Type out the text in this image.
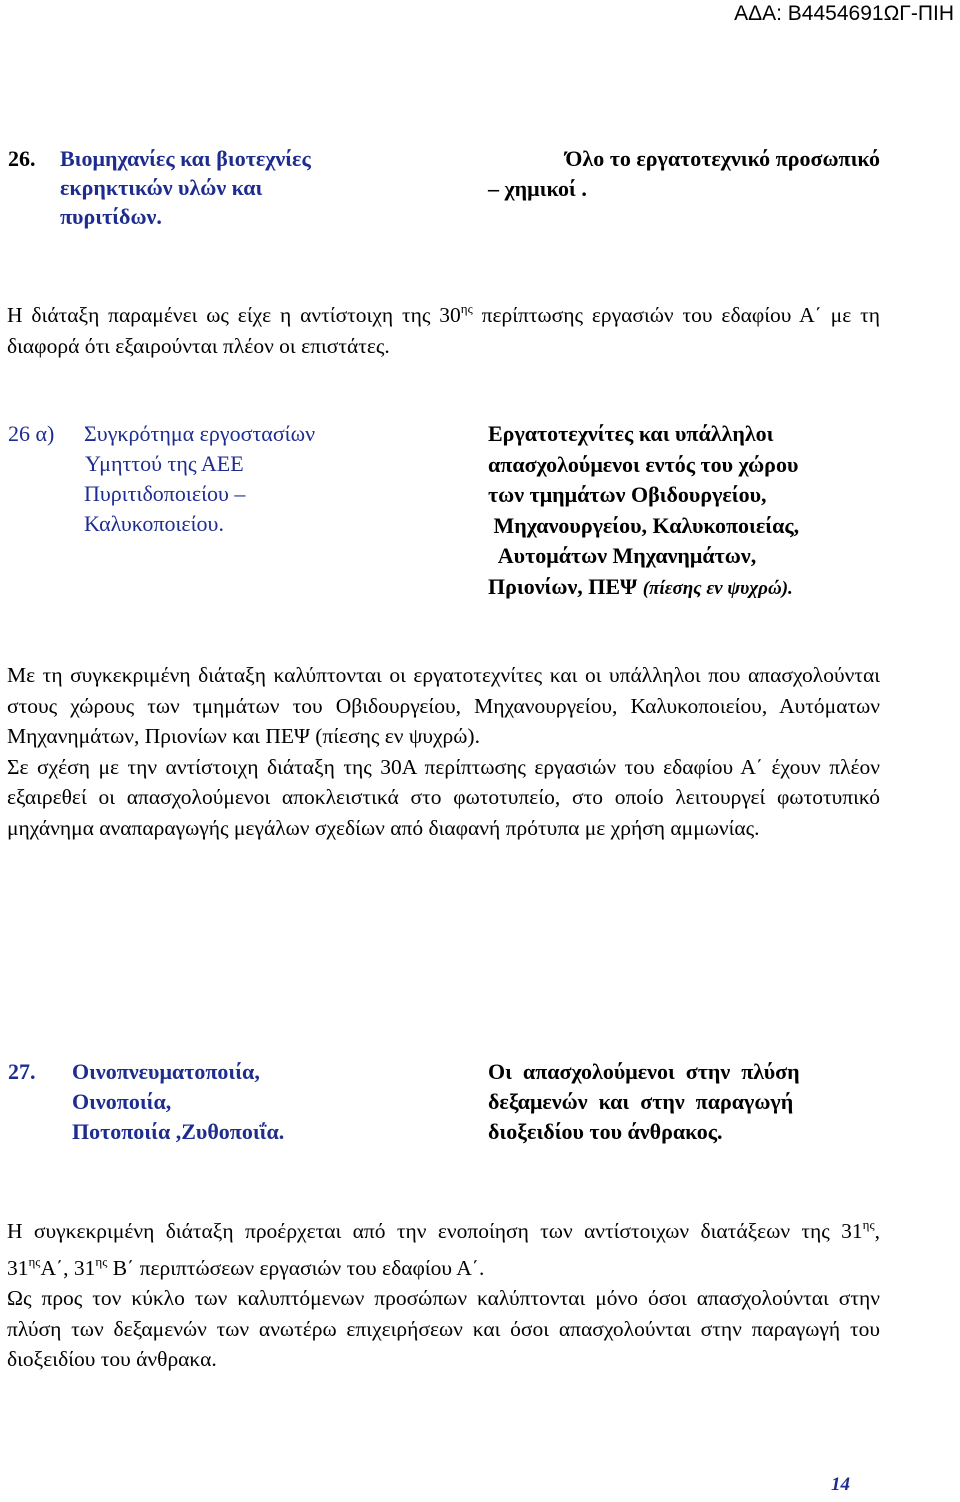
ΑΔΑ: Β4454691ΩΓ-ΠΙΗ
26. Βιομηχανίες και βιοτεχνίες
εκρηκτικών υλών και
πυριτίδων.
Όλο το εργατοτεχνικό προσωπικό
– χημικοί .

Η διάταξη παραμένει ως είχε η αντίστοιχη της $30^{\eta\varsigma}$ περίπτωσης εργασιών του εδαφίου Α΄ με τη διαφορά ότι εξαιρούνται πλέον οι επιστάτες.

26 α) Συγκρότημα εργοστασίων
Υμηττού της ΑΕΕ
Πυριτιδοποιείου –
Καλυκοποιείου.
Εργατοτεχνίτες και υπάλληλοι
απασχολούμενοι εντός του χώρου
των τμημάτων Οβιδουργείου,
Μηχανουργείου, Καλυκοποιείας,
Αυτομάτων Μηχανημάτων,
Πριονίων, ΠΕΨ (πίεσης εν ψυχρώ).

Με τη συγκεκριμένη διάταξη καλύπτονται οι εργατοτεχνίτες και οι υπάλληλοι που απασχολούνται στους χώρους των τμημάτων του Οβιδουργείου, Μηχανουργείου, Καλυκοποιείου, Αυτόματων Μηχανημάτων, Πριονίων και ΠΕΨ (πίεσης εν ψυχρώ).

Σε σχέση με την αντίστοιχη διάταξη της 30Α περίπτωσης εργασιών του εδαφίου Α΄ έχουν πλέον εξαιρεθεί οι απασχολούμενοι αποκλειστικά στο φωτοτυπείο, στο οποίο λειτουργεί φωτοτυπικό μηχάνημα αναπαραγωγής μεγάλων σχεδίων από διαφανή πρότυπα με χρήση αμμωνίας.

27. Οινοπνευματοποιία,
Οινοποιία,
Ποτοποιία ,Ζυθοποιΐα.
Οι  απασχολούμενοι  στην  πλύση
δεξαμενών  και  στην  παραγωγή
διοξειδίου του άνθρακος.

Η συγκεκριμένη διάταξη προέρχεται από την ενοποίηση των αντίστοιχων διατάξεων της $31^{\eta\varsigma}$, $31^{\eta\varsigma}A΄$, $31^{\eta\varsigma}$ Β΄ περιπτώσεων εργασιών του εδαφίου Α΄.

Ως προς τον κύκλο των καλυπτόμενων προσώπων καλύπτονται μόνο όσοι απασχολούνται στην πλύση των δεξαμενών των ανωτέρω επιχειρήσεων και όσοι απασχολούνται στην παραγωγή του διοξειδίου του άνθρακα.

14
